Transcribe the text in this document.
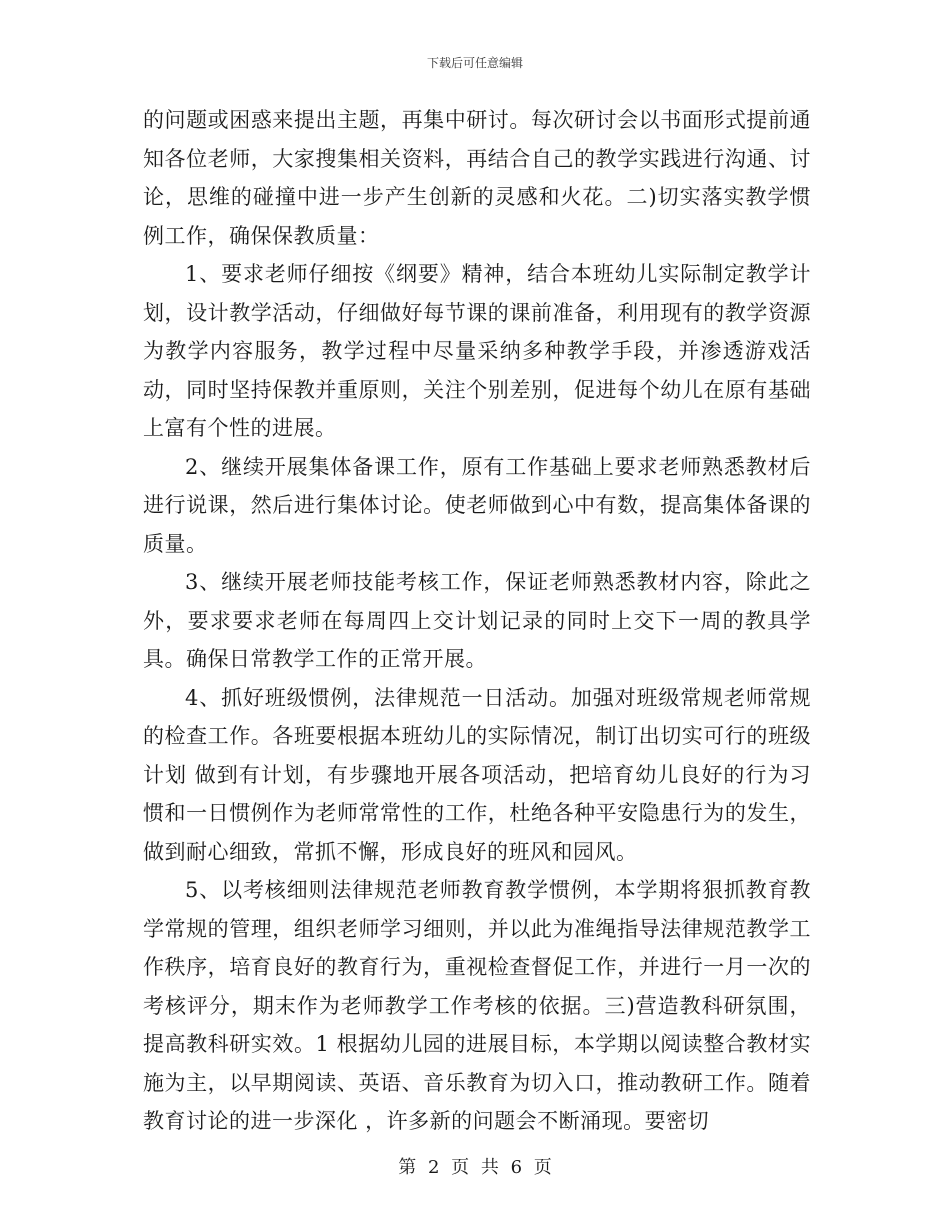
下载后可任意编辑

的问题或困惑来提出主题，再集中研讨。每次研讨会以书面形式提前通知各位老师，大家搜集相关资料，再结合自己的教学实践进行沟通、讨论，思维的碰撞中进一步产生创新的灵感和火花。二)切实落实教学惯例工作，确保保教质量：

1、要求老师仔细按《纲要》精神，结合本班幼儿实际制定教学计划，设计教学活动，仔细做好每节课的课前准备，利用现有的教学资源为教学内容服务，教学过程中尽量采纳多种教学手段，并渗透游戏活动，同时坚持保教并重原则，关注个别差别，促进每个幼儿在原有基础上富有个性的进展。

2、继续开展集体备课工作，原有工作基础上要求老师熟悉教材后进行说课，然后进行集体讨论。使老师做到心中有数，提高集体备课的质量。

3、继续开展老师技能考核工作，保证老师熟悉教材内容，除此之外，要求要求老师在每周四上交计划记录的同时上交下一周的教具学具。确保日常教学工作的正常开展。

4、抓好班级惯例，法律规范一日活动。加强对班级常规老师常规的检查工作。各班要根据本班幼儿的实际情况，制订出切实可行的班级计划 做到有计划，有步骤地开展各项活动，把培育幼儿良好的行为习惯和一日惯例作为老师常常性的工作，杜绝各种平安隐患行为的发生，做到耐心细致，常抓不懈，形成良好的班风和园风。

5、以考核细则法律规范老师教育教学惯例，本学期将狠抓教育教学常规的管理，组织老师学习细则，并以此为准绳指导法律规范教学工作秩序，培育良好的教育行为，重视检查督促工作，并进行一月一次的考核评分，期末作为老师教学工作考核的依据。三)营造教科研氛围，提高教科研实效。1 根据幼儿园的进展目标，本学期以阅读整合教材实施为主，以早期阅读、英语、音乐教育为切入口，推动教研工作。随着教育讨论的进一步深化 ，许多新的问题会不断涌现。要密切

第 2 页 共 6 页
